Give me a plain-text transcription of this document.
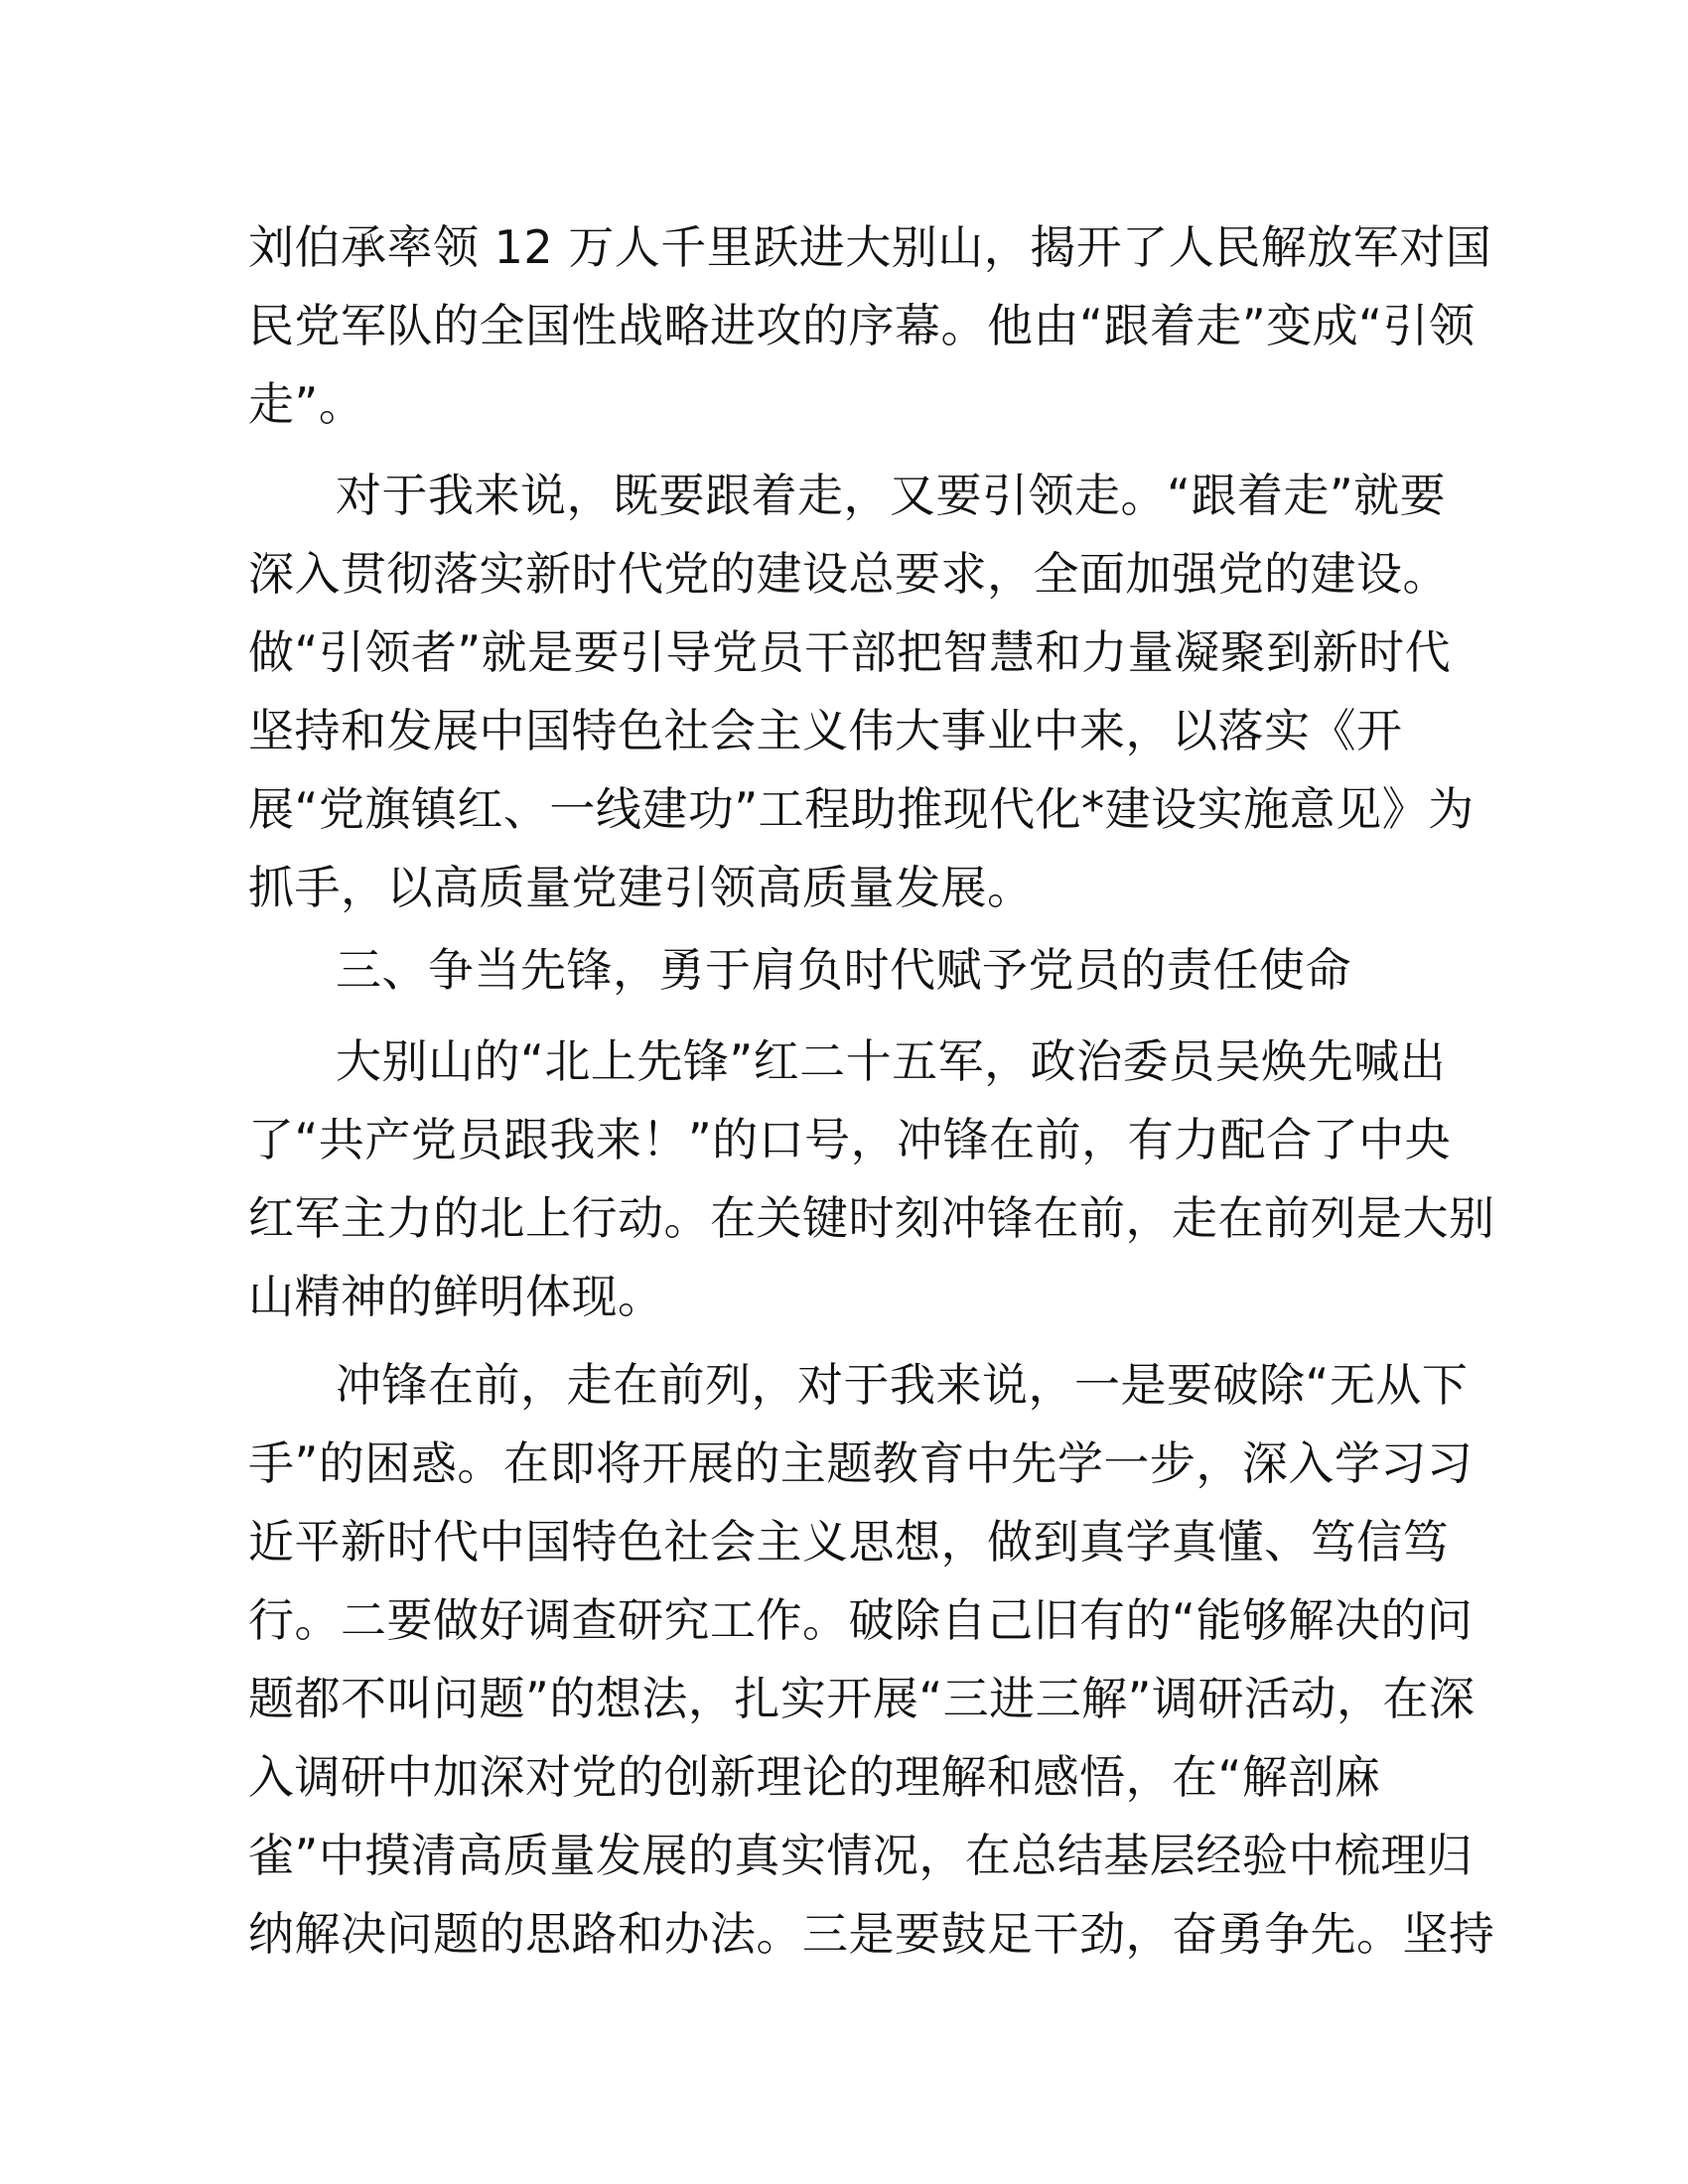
刘伯承率领 12 万人千里跃进大别山，揭开了人民解放军对国
民党军队的全国性战略进攻的序幕。他由“跟着走”变成“引领
走”。
对于我来说，既要跟着走，又要引领走。“跟着走”就要
深入贯彻落实新时代党的建设总要求，全面加强党的建设。
做“引领者”就是要引导党员干部把智慧和力量凝聚到新时代
坚持和发展中国特色社会主义伟大事业中来，以落实《开
展“党旗镇红、一线建功”工程助推现代化*建设实施意见》为
抓手，以高质量党建引领高质量发展。
三、争当先锋，勇于肩负时代赋予党员的责任使命
大别山的“北上先锋”红二十五军，政治委员吴焕先喊出
了“共产党员跟我来！”的口号，冲锋在前，有力配合了中央
红军主力的北上行动。在关键时刻冲锋在前，走在前列是大别
山精神的鲜明体现。
冲锋在前，走在前列，对于我来说，一是要破除“无从下
手”的困惑。在即将开展的主题教育中先学一步，深入学习习
近平新时代中国特色社会主义思想，做到真学真懂、笃信笃
行。二要做好调查研究工作。破除自己旧有的“能够解决的问
题都不叫问题”的想法，扎实开展“三进三解”调研活动，在深
入调研中加深对党的创新理论的理解和感悟，在“解剖麻
雀”中摸清高质量发展的真实情况，在总结基层经验中梳理归
纳解决问题的思路和办法。三是要鼓足干劲，奋勇争先。坚持
